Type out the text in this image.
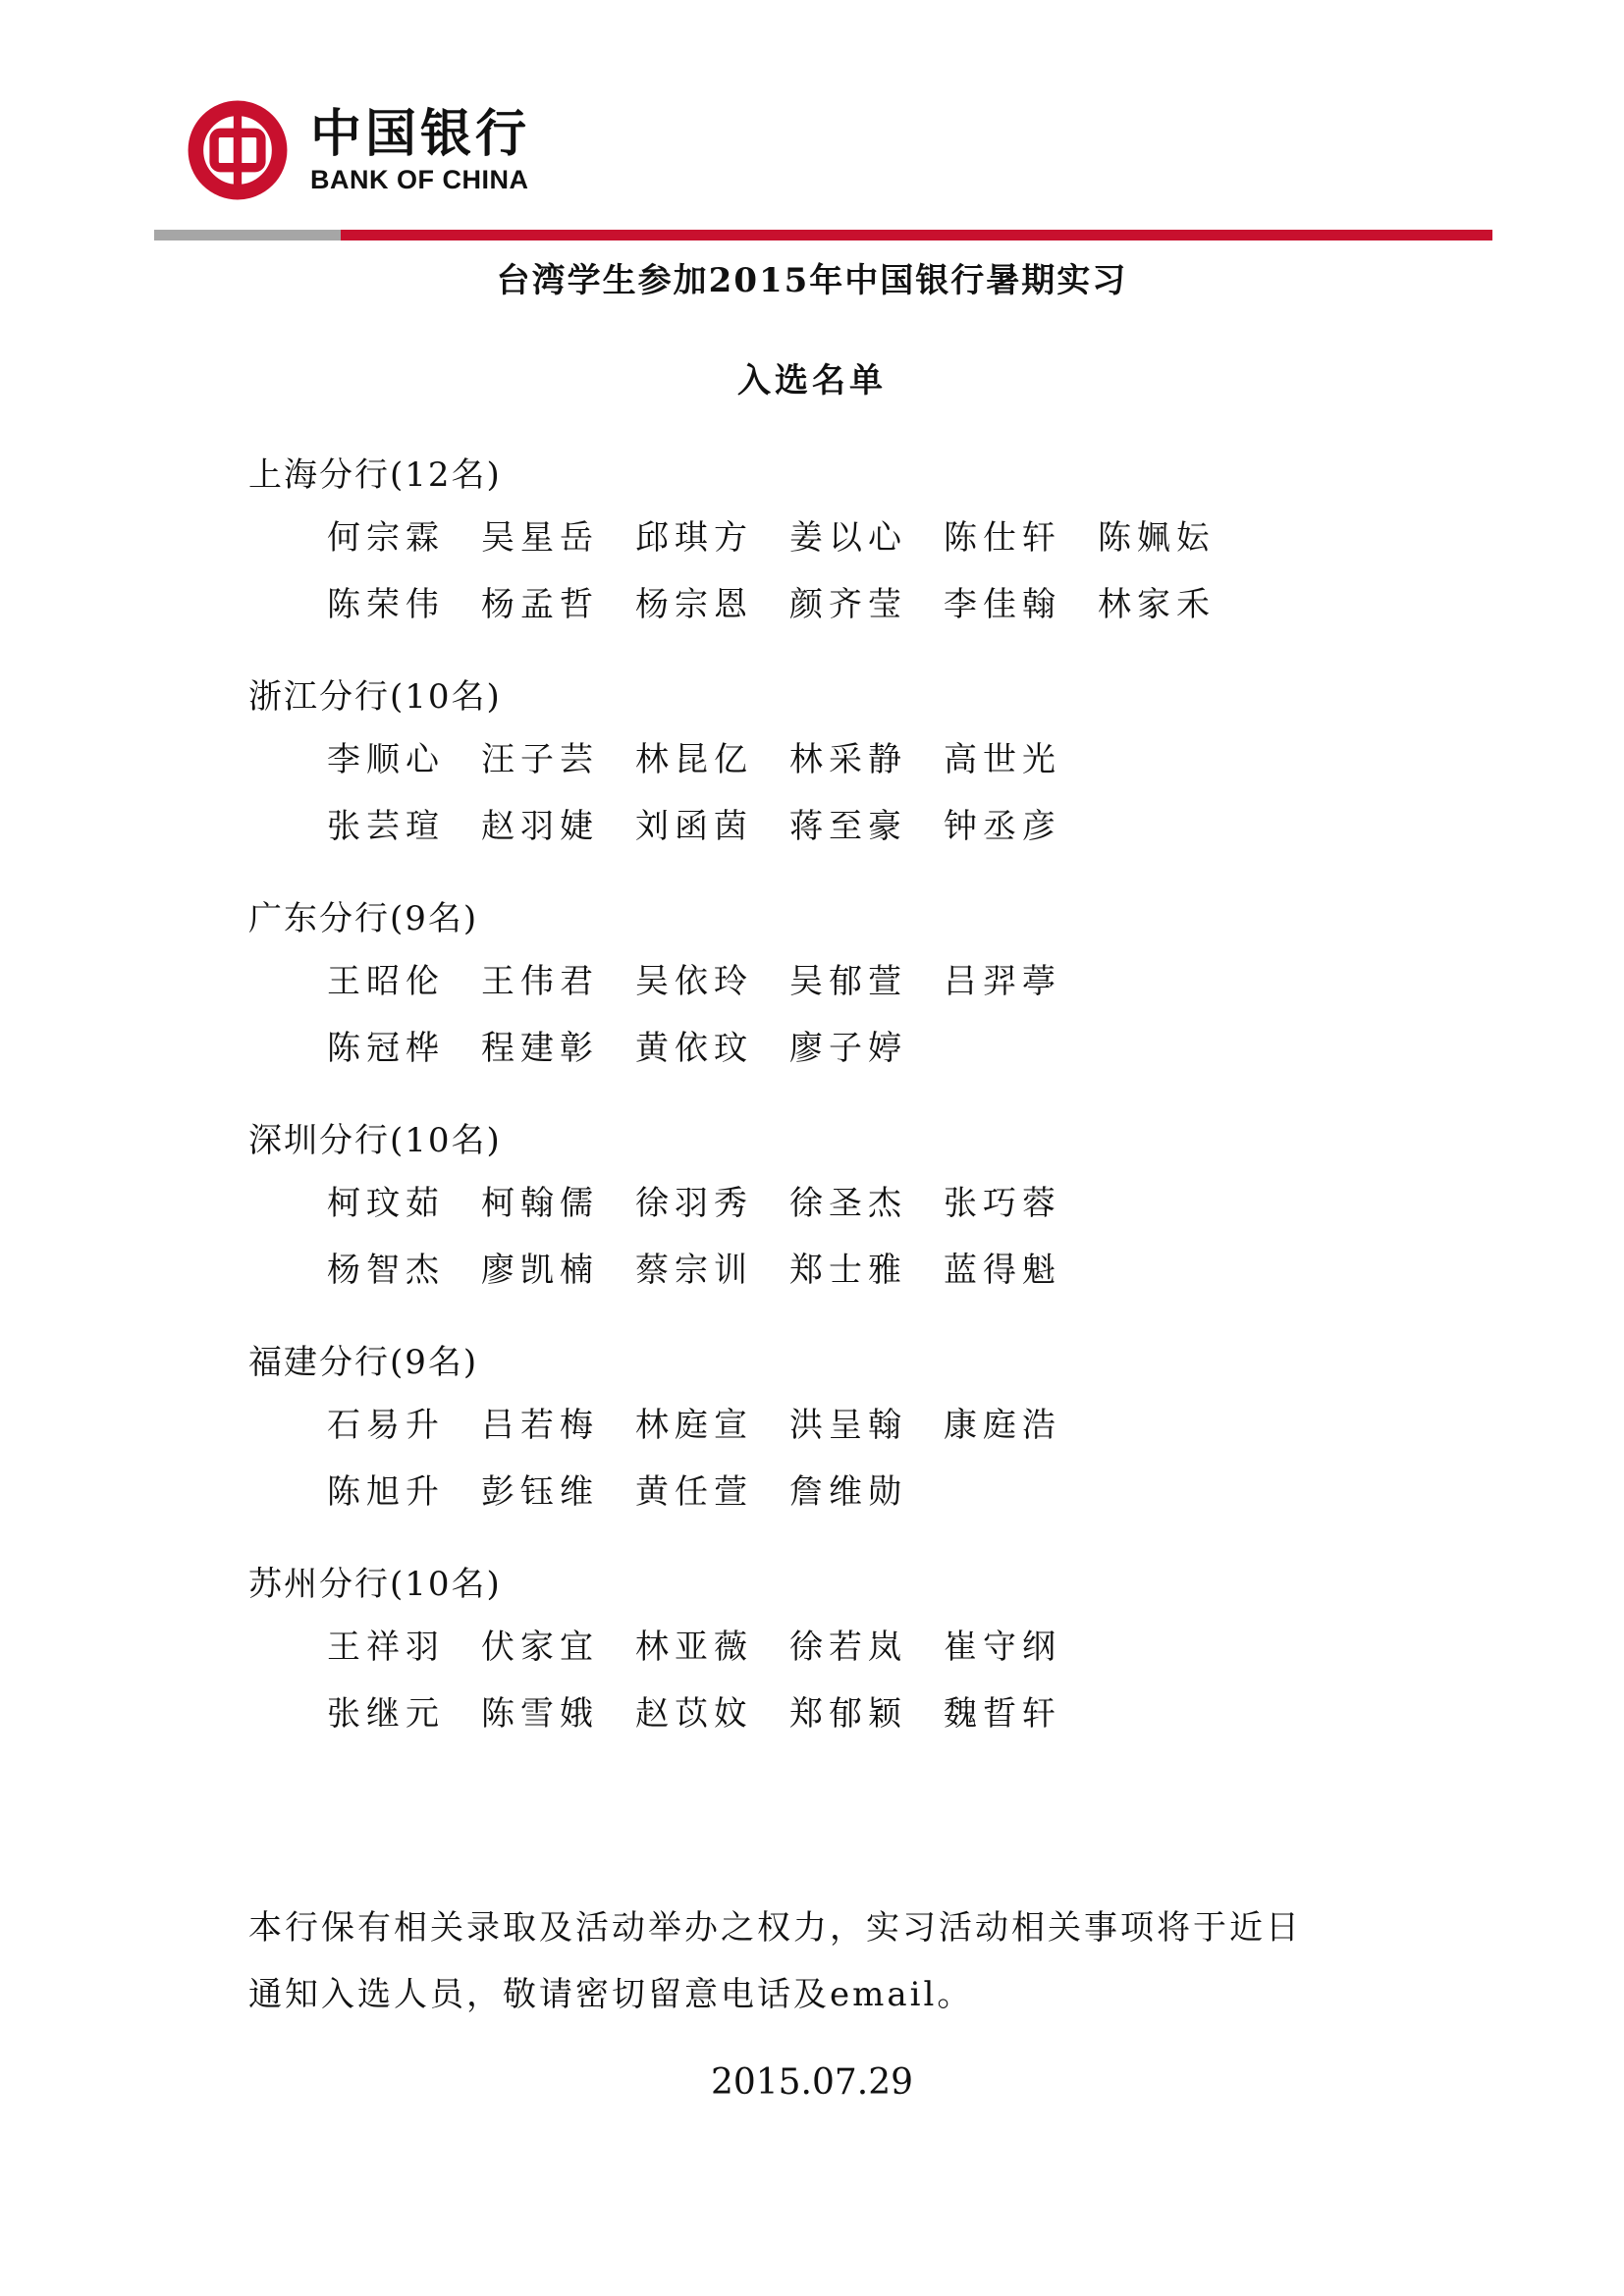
中国银行
BANK OF CHINA
台湾学生参加2015年中国银行暑期实习
入选名单
上海分行(12名)
何宗霖	吴星岳	邱琪方	姜以心	陈仕轩	陈姵妘
陈荣伟	杨孟哲	杨宗恩	颜齐莹	李佳翰	林家禾
浙江分行(10名)
李顺心	汪子芸	林昆亿	林采静	高世光
张芸瑄	赵羽婕	刘函茵	蒋至豪	钟丞彦
广东分行(9名)
王昭伦	王伟君	吴依玲	吴郁萱	吕羿葶
陈冠桦	程建彰	黄依玟	廖子婷
深圳分行(10名)
柯玟茹	柯翰儒	徐羽秀	徐圣杰	张巧蓉
杨智杰	廖凯楠	蔡宗训	郑士雅	蓝得魁
福建分行(9名)
石易升	吕若梅	林庭宣	洪呈翰	康庭浩
陈旭升	彭钰维	黄任萱	詹维勋
苏州分行(10名)
王祥羽	伏家宜	林亚薇	徐若岚	崔守纲
张继元	陈雪娥	赵苡妏	郑郁颖	魏晢轩
本行保有相关录取及活动举办之权力，实习活动相关事项将于近日
通知入选人员，敬请密切留意电话及email。
2015.07.29
